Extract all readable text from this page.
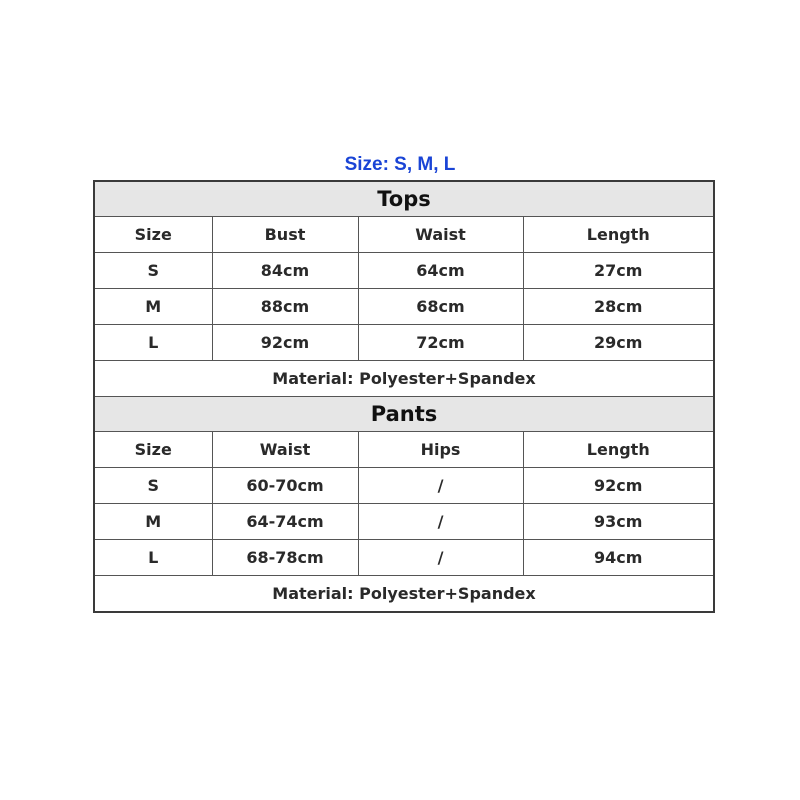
Size: S, M, L
Tops			
Size	Bust	Waist	Length
S	84cm	64cm	27cm
M	88cm	68cm	28cm
L	92cm	72cm	29cm
Material: Polyester+Spandex			
Pants			
Size	Waist	Hips	Length
S	60-70cm	/	92cm
M	64-74cm	/	93cm
L	68-78cm	/	94cm
Material: Polyester+Spandex			
